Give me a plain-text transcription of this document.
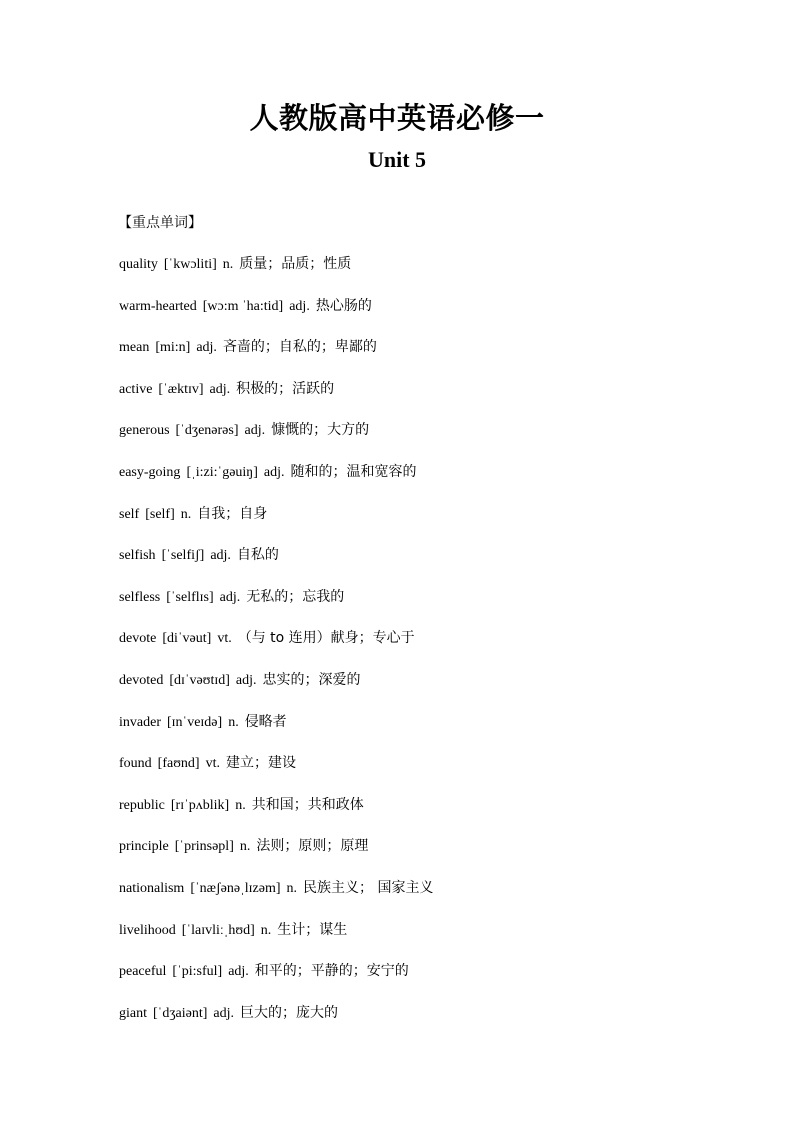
人教版高中英语必修一
Unit 5
【重点单词】
quality [ˈkwɔliti] n. 质量；品质；性质
warm-hearted [wɔ:m ˈha:tid] adj. 热心肠的
mean [mi:n] adj. 吝啬的；自私的；卑鄙的
active [ˈæktɪv] adj. 积极的；活跃的
generous [ˈdʒenərəs] adj. 慷慨的；大方的
easy-going [ˌi:zi:ˈgəuiŋ] adj. 随和的；温和宽容的
self [self] n. 自我；自身
selfish [ˈselfiʃ] adj. 自私的
selfless [ˈselflɪs] adj. 无私的；忘我的
devote [diˈvəut] vt. （与 to 连用）献身；专心于
devoted [dɪˈvəʊtɪd] adj. 忠实的；深爱的
invader [ɪnˈveɪdə] n. 侵略者
found [faʊnd] vt. 建立；建设
republic [rɪˈpʌblik] n. 共和国；共和政体
principle [ˈprinsəpl] n. 法则；原则；原理
nationalism [ˈnæʃənəˌlɪzəm] n. 民族主义； 国家主义
livelihood [ˈlaɪvliːˌhʊd] n. 生计；谋生
peaceful [ˈpi:sful] adj. 和平的；平静的；安宁的
giant [ˈdʒaiənt] adj. 巨大的；庞大的
